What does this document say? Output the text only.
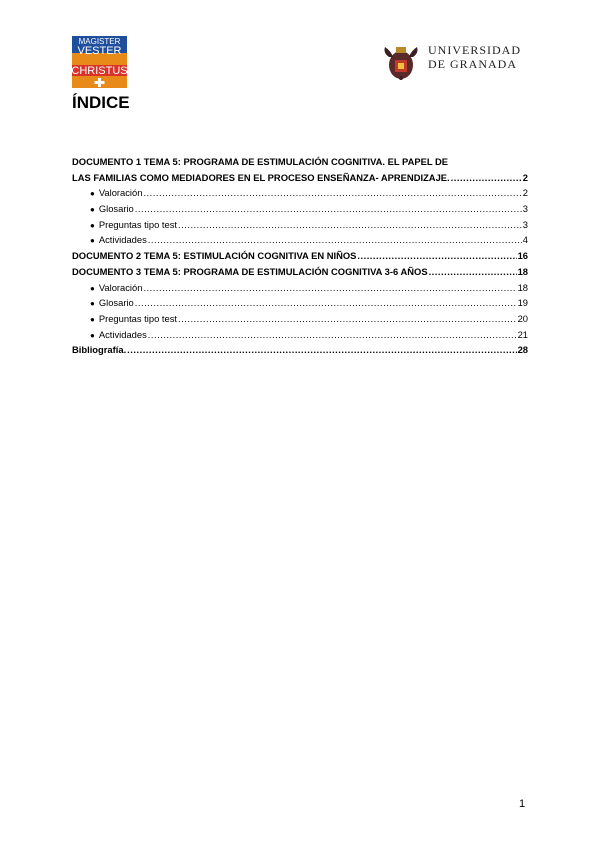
MAGISTER
VESTER
CHRISTUS
UNIVERSIDAD
DE GRANADA
ÍNDICE
DOCUMENTO 1 TEMA 5: PROGRAMA DE ESTIMULACIÓN COGNITIVA. EL PAPEL DE
LAS FAMILIAS COMO MEDIADORES EN EL PROCESO ENSEÑANZA- APRENDIZAJE. .....	2
● Valoración .....	2
● Glosario .....	3
● Preguntas tipo test .....	3
● Actividades .....	4
DOCUMENTO 2 TEMA 5: ESTIMULACIÓN COGNITIVA EN NIÑOS .....	16
DOCUMENTO 3 TEMA 5: PROGRAMA DE ESTIMULACIÓN COGNITIVA 3-6 AÑOS .....	18
● Valoración .....	18
● Glosario .....	19
● Preguntas tipo test .....	20
● Actividades .....	21
Bibliografía. .....	28
1
